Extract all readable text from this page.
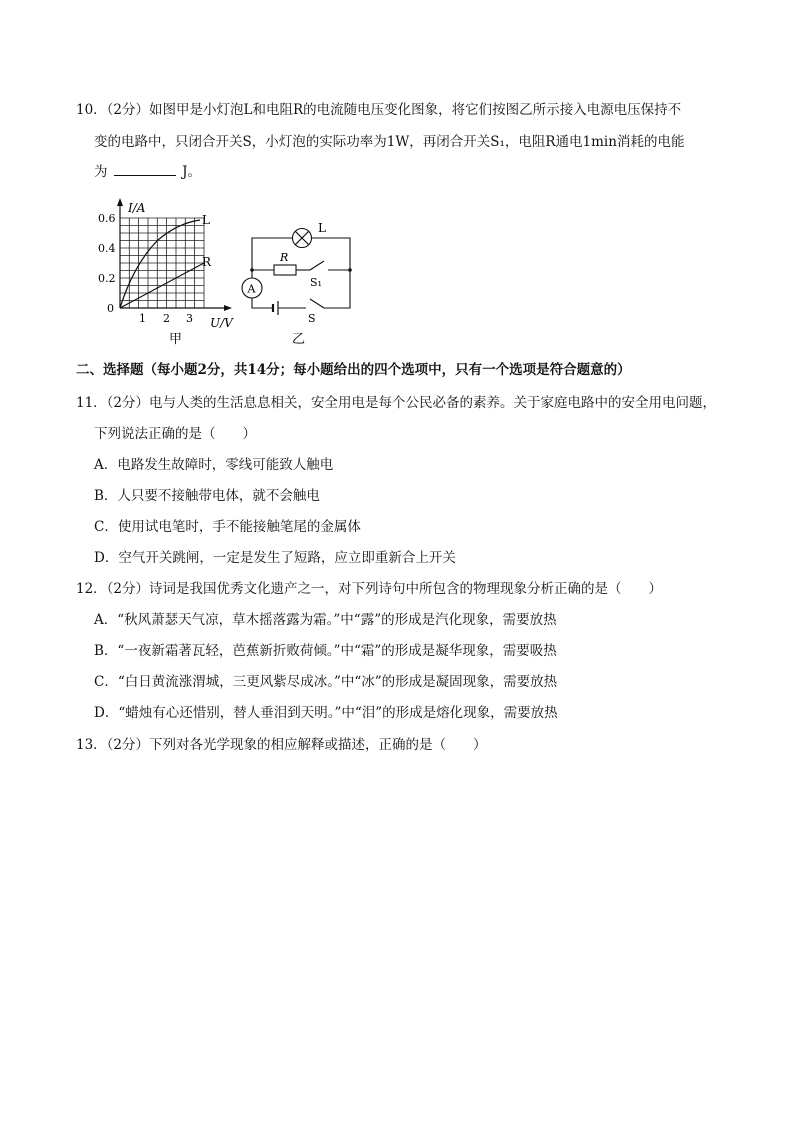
10．（2分）如图甲是小灯泡L和电阻R的电流随电压变化图象，将它们按图乙所示接入电源电压保持不
变的电路中，只闭合开关S，小灯泡的实际功率为1W，再闭合开关S₁，电阻R通电1min消耗的电能
为	J。
I/A
0.6
0.4
0.2
0
1 2 3 U/V
L
R
甲
L
R
A	S₁
S
乙
二、选择题（每小题2分，共14分；每小题给出的四个选项中，只有一个选项是符合题意的）
11．（2分）电与人类的生活息息相关，安全用电是每个公民必备的素养。关于家庭电路中的安全用电问题，
下列说法正确的是（　　）
A．电路发生故障时，零线可能致人触电
B．人只要不接触带电体，就不会触电
C．使用试电笔时，手不能接触笔尾的金属体
D．空气开关跳闸，一定是发生了短路，应立即重新合上开关
12．（2分）诗词是我国优秀文化遗产之一，对下列诗句中所包含的物理现象分析正确的是（　　）
A．“秋风萧瑟天气凉，草木摇落露为霜。”中“露”的形成是汽化现象，需要放热
B．“一夜新霜著瓦轻，芭蕉新折败荷倾。”中“霜”的形成是凝华现象，需要吸热
C．“白日黄流涨渭城，三更风紫尽成冰。”中“冰”的形成是凝固现象，需要放热
D．“蜡烛有心还惜别，替人垂泪到天明。”中“泪”的形成是熔化现象，需要放热
13．（2分）下列对各光学现象的相应解释或描述，正确的是（　　）
